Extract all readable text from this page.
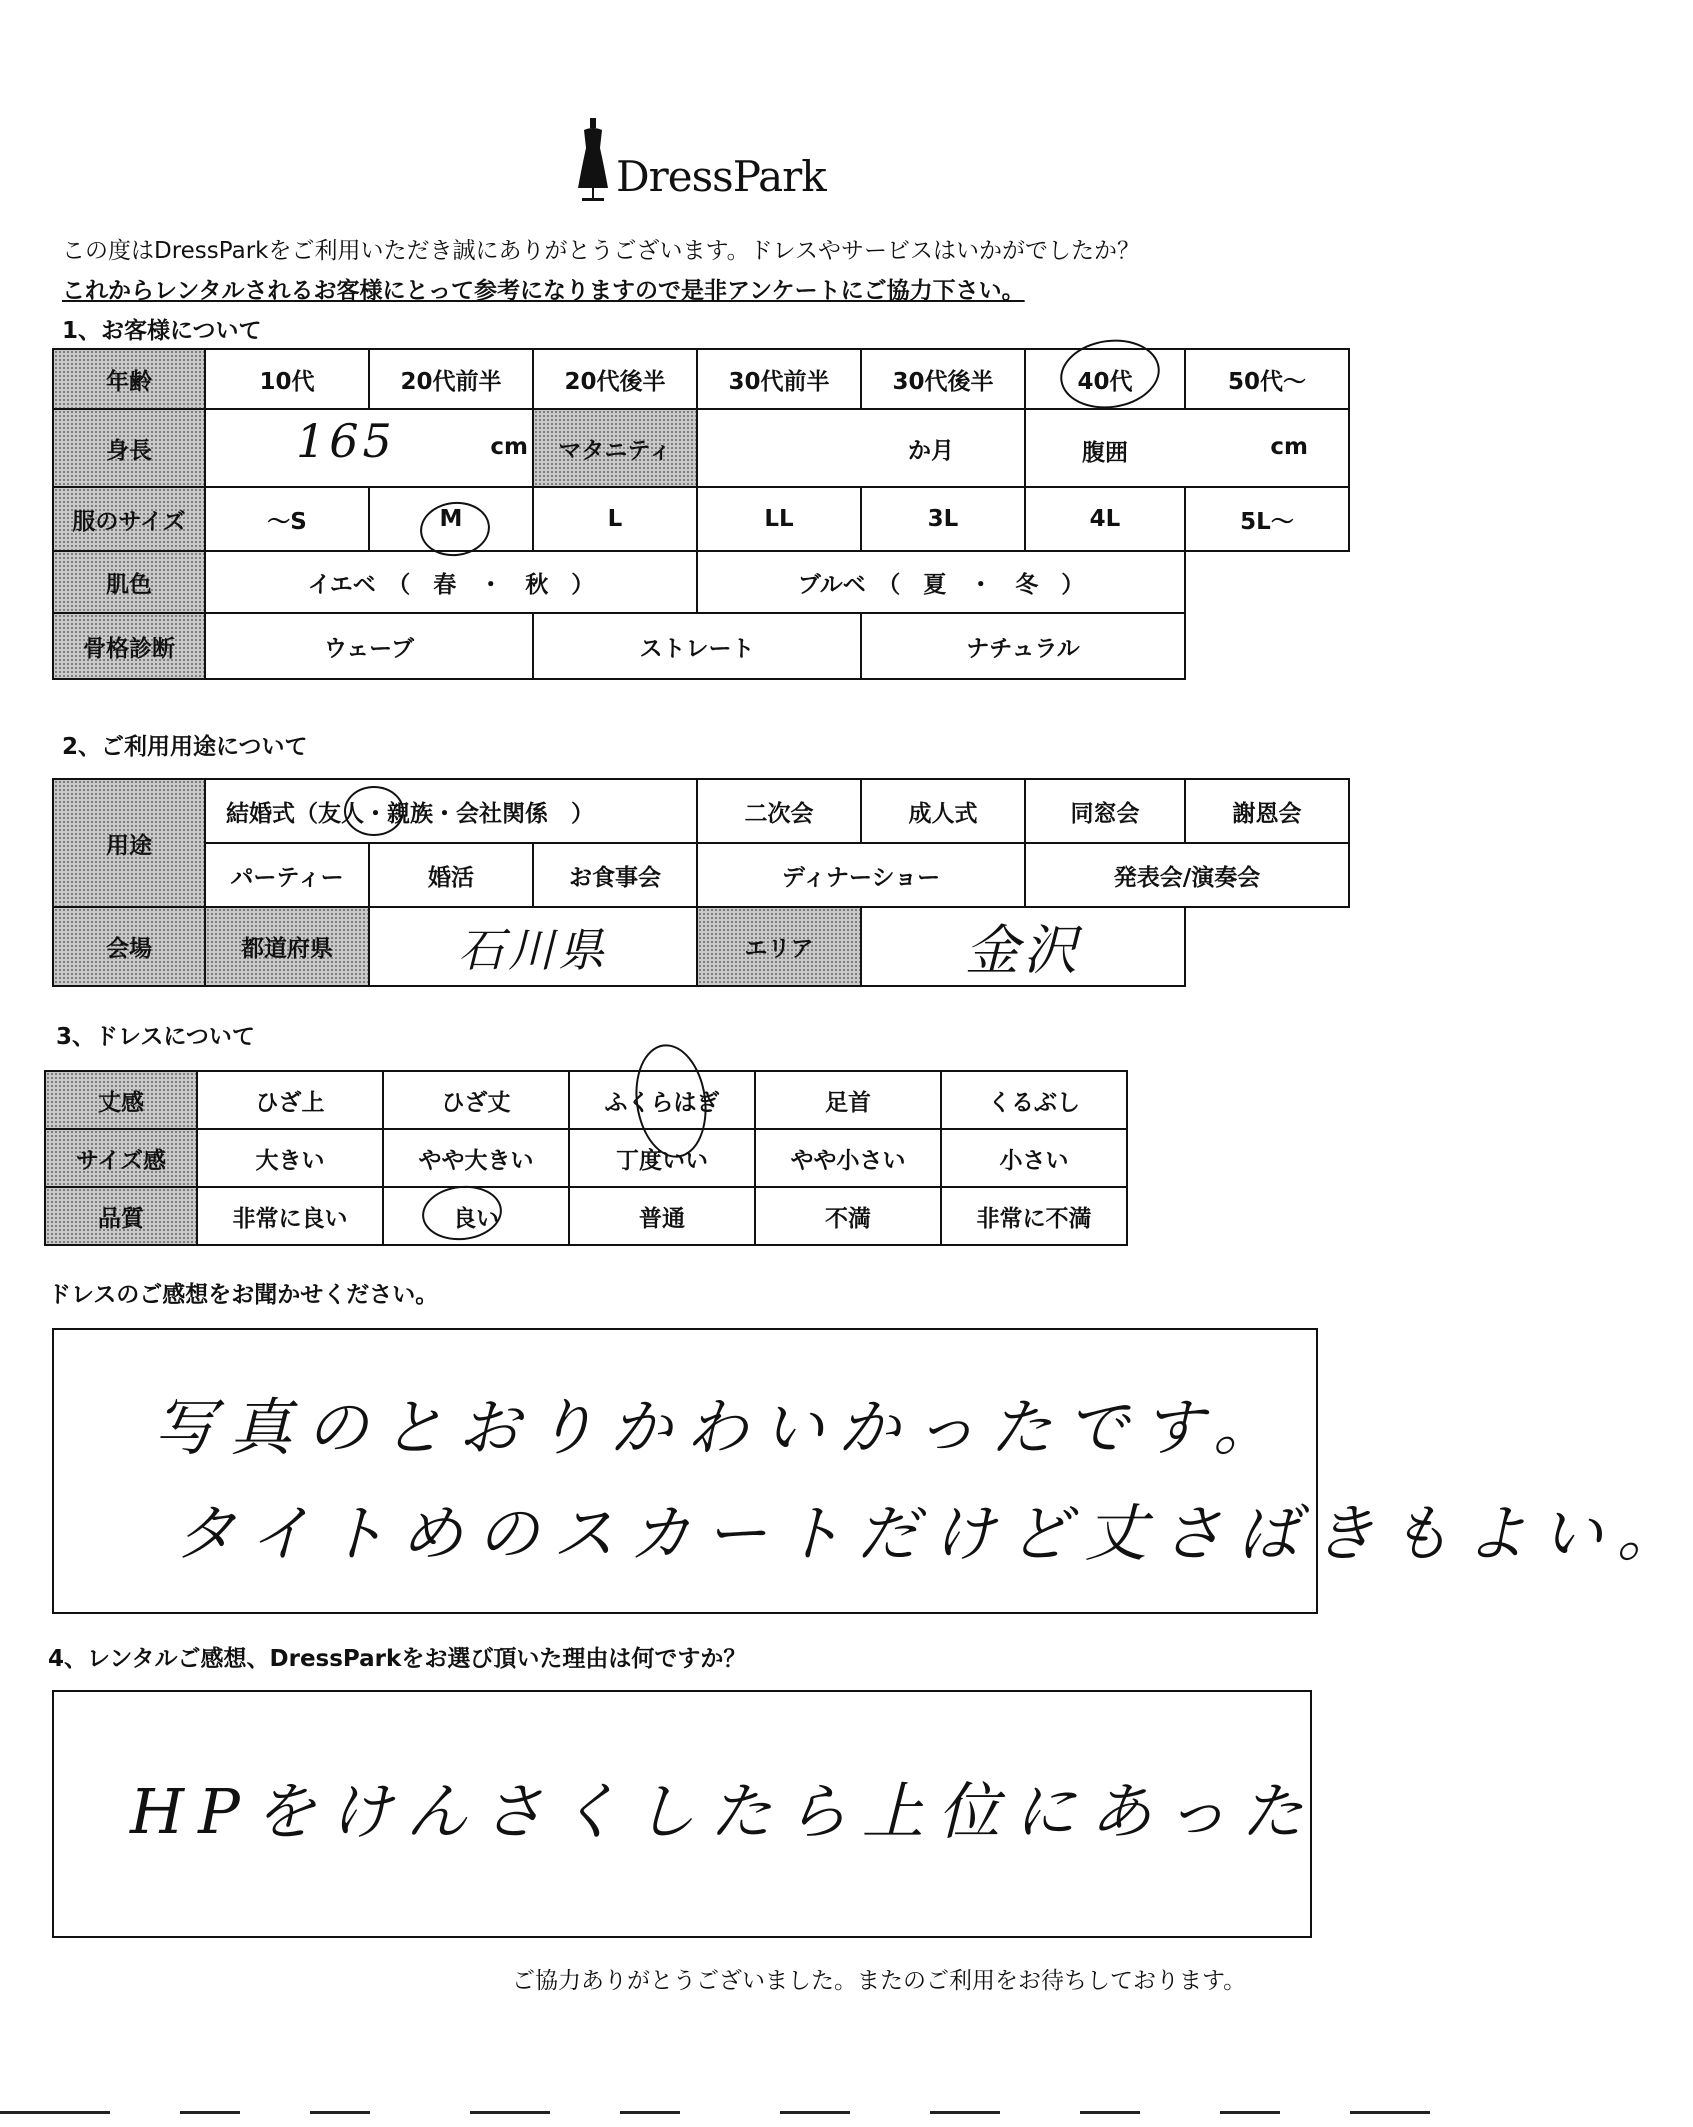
DressPark
この度はDressParkをご利用いただき誠にありがとうございます。ドレスやサービスはいかがでしたか？
これからレンタルされるお客様にとって参考になりますので是非アンケートにご協力下さい。
1、お客様について
年齢	10代	20代前半	20代後半	30代前半	30代後半	40代	50代～
身長	165 cm		マタニティ	か月		腹囲 cm	

服のサイズ	～S	M	L	LL	3L	4L	5L～
肌色	イエベ　（　春　・　秋　）			ブルベ　（　夏　・　冬　）			
骨格診断	ウェーブ		ストレート		ナチュラル		
2、ご利用用途について
用途	結婚式（友人・親族・会社関係　）			二次会	成人式	同窓会	謝恩会
	パーティー	婚活	お食事会	ディナーショー		発表会/演奏会	
会場	都道府県	石川県		エリア	金沢		
3、ドレスについて
丈感	ひざ上	ひざ丈	ふくらはぎ	足首	くるぶし
サイズ感	大きい	やや大きい	丁度いい	やや小さい	小さい
品質	非常に良い	良い	普通	不満	非常に不満
ドレスのご感想をお聞かせください。
写真のとおりかわいかったです。
タイトめのスカートだけど丈さばきもよい。
4、レンタルご感想、DressParkをお選び頂いた理由は何ですか？
HPをけんさくしたら上位にあった
ご協力ありがとうございました。またのご利用をお待ちしております。
